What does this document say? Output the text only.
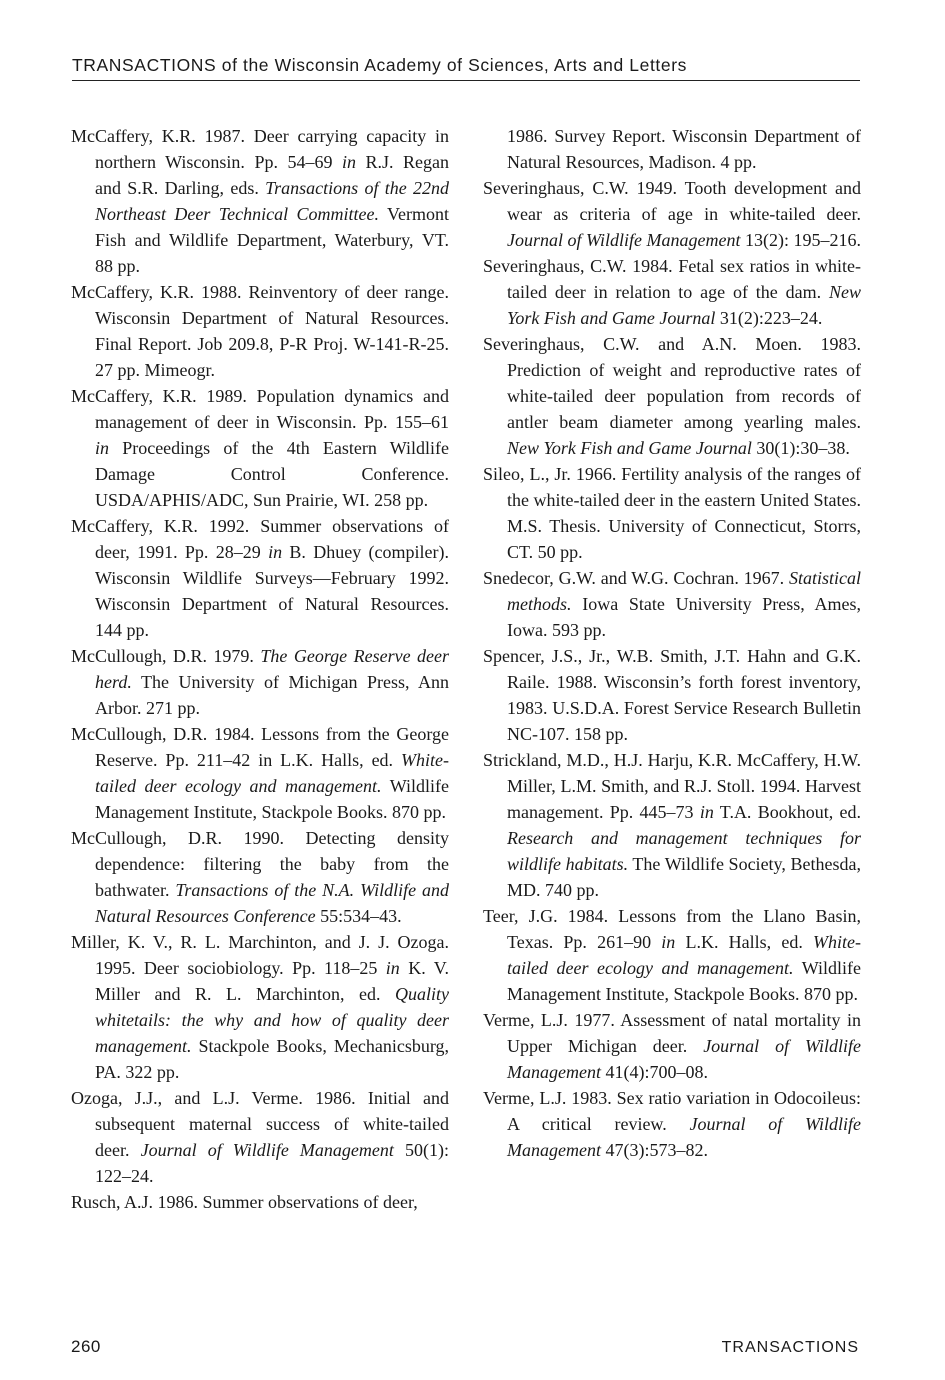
TRANSACTIONS of the Wisconsin Academy of Sciences, Arts and Letters

McCaffery, K.R. 1987. Deer carrying capacity in northern Wisconsin. Pp. 54–69 in R.J. Regan and S.R. Darling, eds. Transactions of the 22nd Northeast Deer Technical Committee. Vermont Fish and Wildlife Department, Waterbury, VT. 88 pp.

McCaffery, K.R. 1988. Reinventory of deer range. Wisconsin Department of Natural Resources. Final Report. Job 209.8, P-R Proj. W-141-R-25. 27 pp. Mimeogr.

McCaffery, K.R. 1989. Population dynamics and management of deer in Wisconsin. Pp. 155–61 in Proceedings of the 4th Eastern Wildlife Damage Control Conference. USDA/APHIS/ADC, Sun Prairie, WI. 258 pp.

McCaffery, K.R. 1992. Summer observations of deer, 1991. Pp. 28–29 in B. Dhuey (compiler). Wisconsin Wildlife Surveys—February 1992. Wisconsin Department of Natural Resources. 144 pp.

McCullough, D.R. 1979. The George Reserve deer herd. The University of Michigan Press, Ann Arbor. 271 pp.

McCullough, D.R. 1984. Lessons from the George Reserve. Pp. 211–42 in L.K. Halls, ed. White-tailed deer ecology and management. Wildlife Management Institute, Stackpole Books. 870 pp.

McCullough, D.R. 1990. Detecting density dependence: filtering the baby from the bathwater. Transactions of the N.A. Wildlife and Natural Resources Conference 55:534–43.

Miller, K. V., R. L. Marchinton, and J. J. Ozoga. 1995. Deer sociobiology. Pp. 118–25 in K. V. Miller and R. L. Marchinton, ed. Quality whitetails: the why and how of quality deer management. Stackpole Books, Mechanicsburg, PA. 322 pp.

Ozoga, J.J., and L.J. Verme. 1986. Initial and subsequent maternal success of white-tailed deer. Journal of Wildlife Management 50(1): 122–24.

Rusch, A.J. 1986. Summer observations of deer,

1986. Survey Report. Wisconsin Department of Natural Resources, Madison. 4 pp.

Severinghaus, C.W. 1949. Tooth development and wear as criteria of age in white-tailed deer. Journal of Wildlife Management 13(2): 195–216.

Severinghaus, C.W. 1984. Fetal sex ratios in white-tailed deer in relation to age of the dam. New York Fish and Game Journal 31(2):223–24.

Severinghaus, C.W. and A.N. Moen. 1983. Prediction of weight and reproductive rates of white-tailed deer population from records of antler beam diameter among yearling males. New York Fish and Game Journal 30(1):30–38.

Sileo, L., Jr. 1966. Fertility analysis of the ranges of the white-tailed deer in the eastern United States. M.S. Thesis. University of Connecticut, Storrs, CT. 50 pp.

Snedecor, G.W. and W.G. Cochran. 1967. Statistical methods. Iowa State University Press, Ames, Iowa. 593 pp.

Spencer, J.S., Jr., W.B. Smith, J.T. Hahn and G.K. Raile. 1988. Wisconsin’s forth forest inventory, 1983. U.S.D.A. Forest Service Research Bulletin NC-107. 158 pp.

Strickland, M.D., H.J. Harju, K.R. McCaffery, H.W. Miller, L.M. Smith, and R.J. Stoll. 1994. Harvest management. Pp. 445–73 in T.A. Bookhout, ed. Research and management techniques for wildlife habitats. The Wildlife Society, Bethesda, MD. 740 pp.

Teer, J.G. 1984. Lessons from the Llano Basin, Texas. Pp. 261–90 in L.K. Halls, ed. White-tailed deer ecology and management. Wildlife Management Institute, Stackpole Books. 870 pp.

Verme, L.J. 1977. Assessment of natal mortality in Upper Michigan deer. Journal of Wildlife Management 41(4):700–08.

Verme, L.J. 1983. Sex ratio variation in Odocoileus: A critical review. Journal of Wildlife Management 47(3):573–82.

260	TRANSACTIONS
